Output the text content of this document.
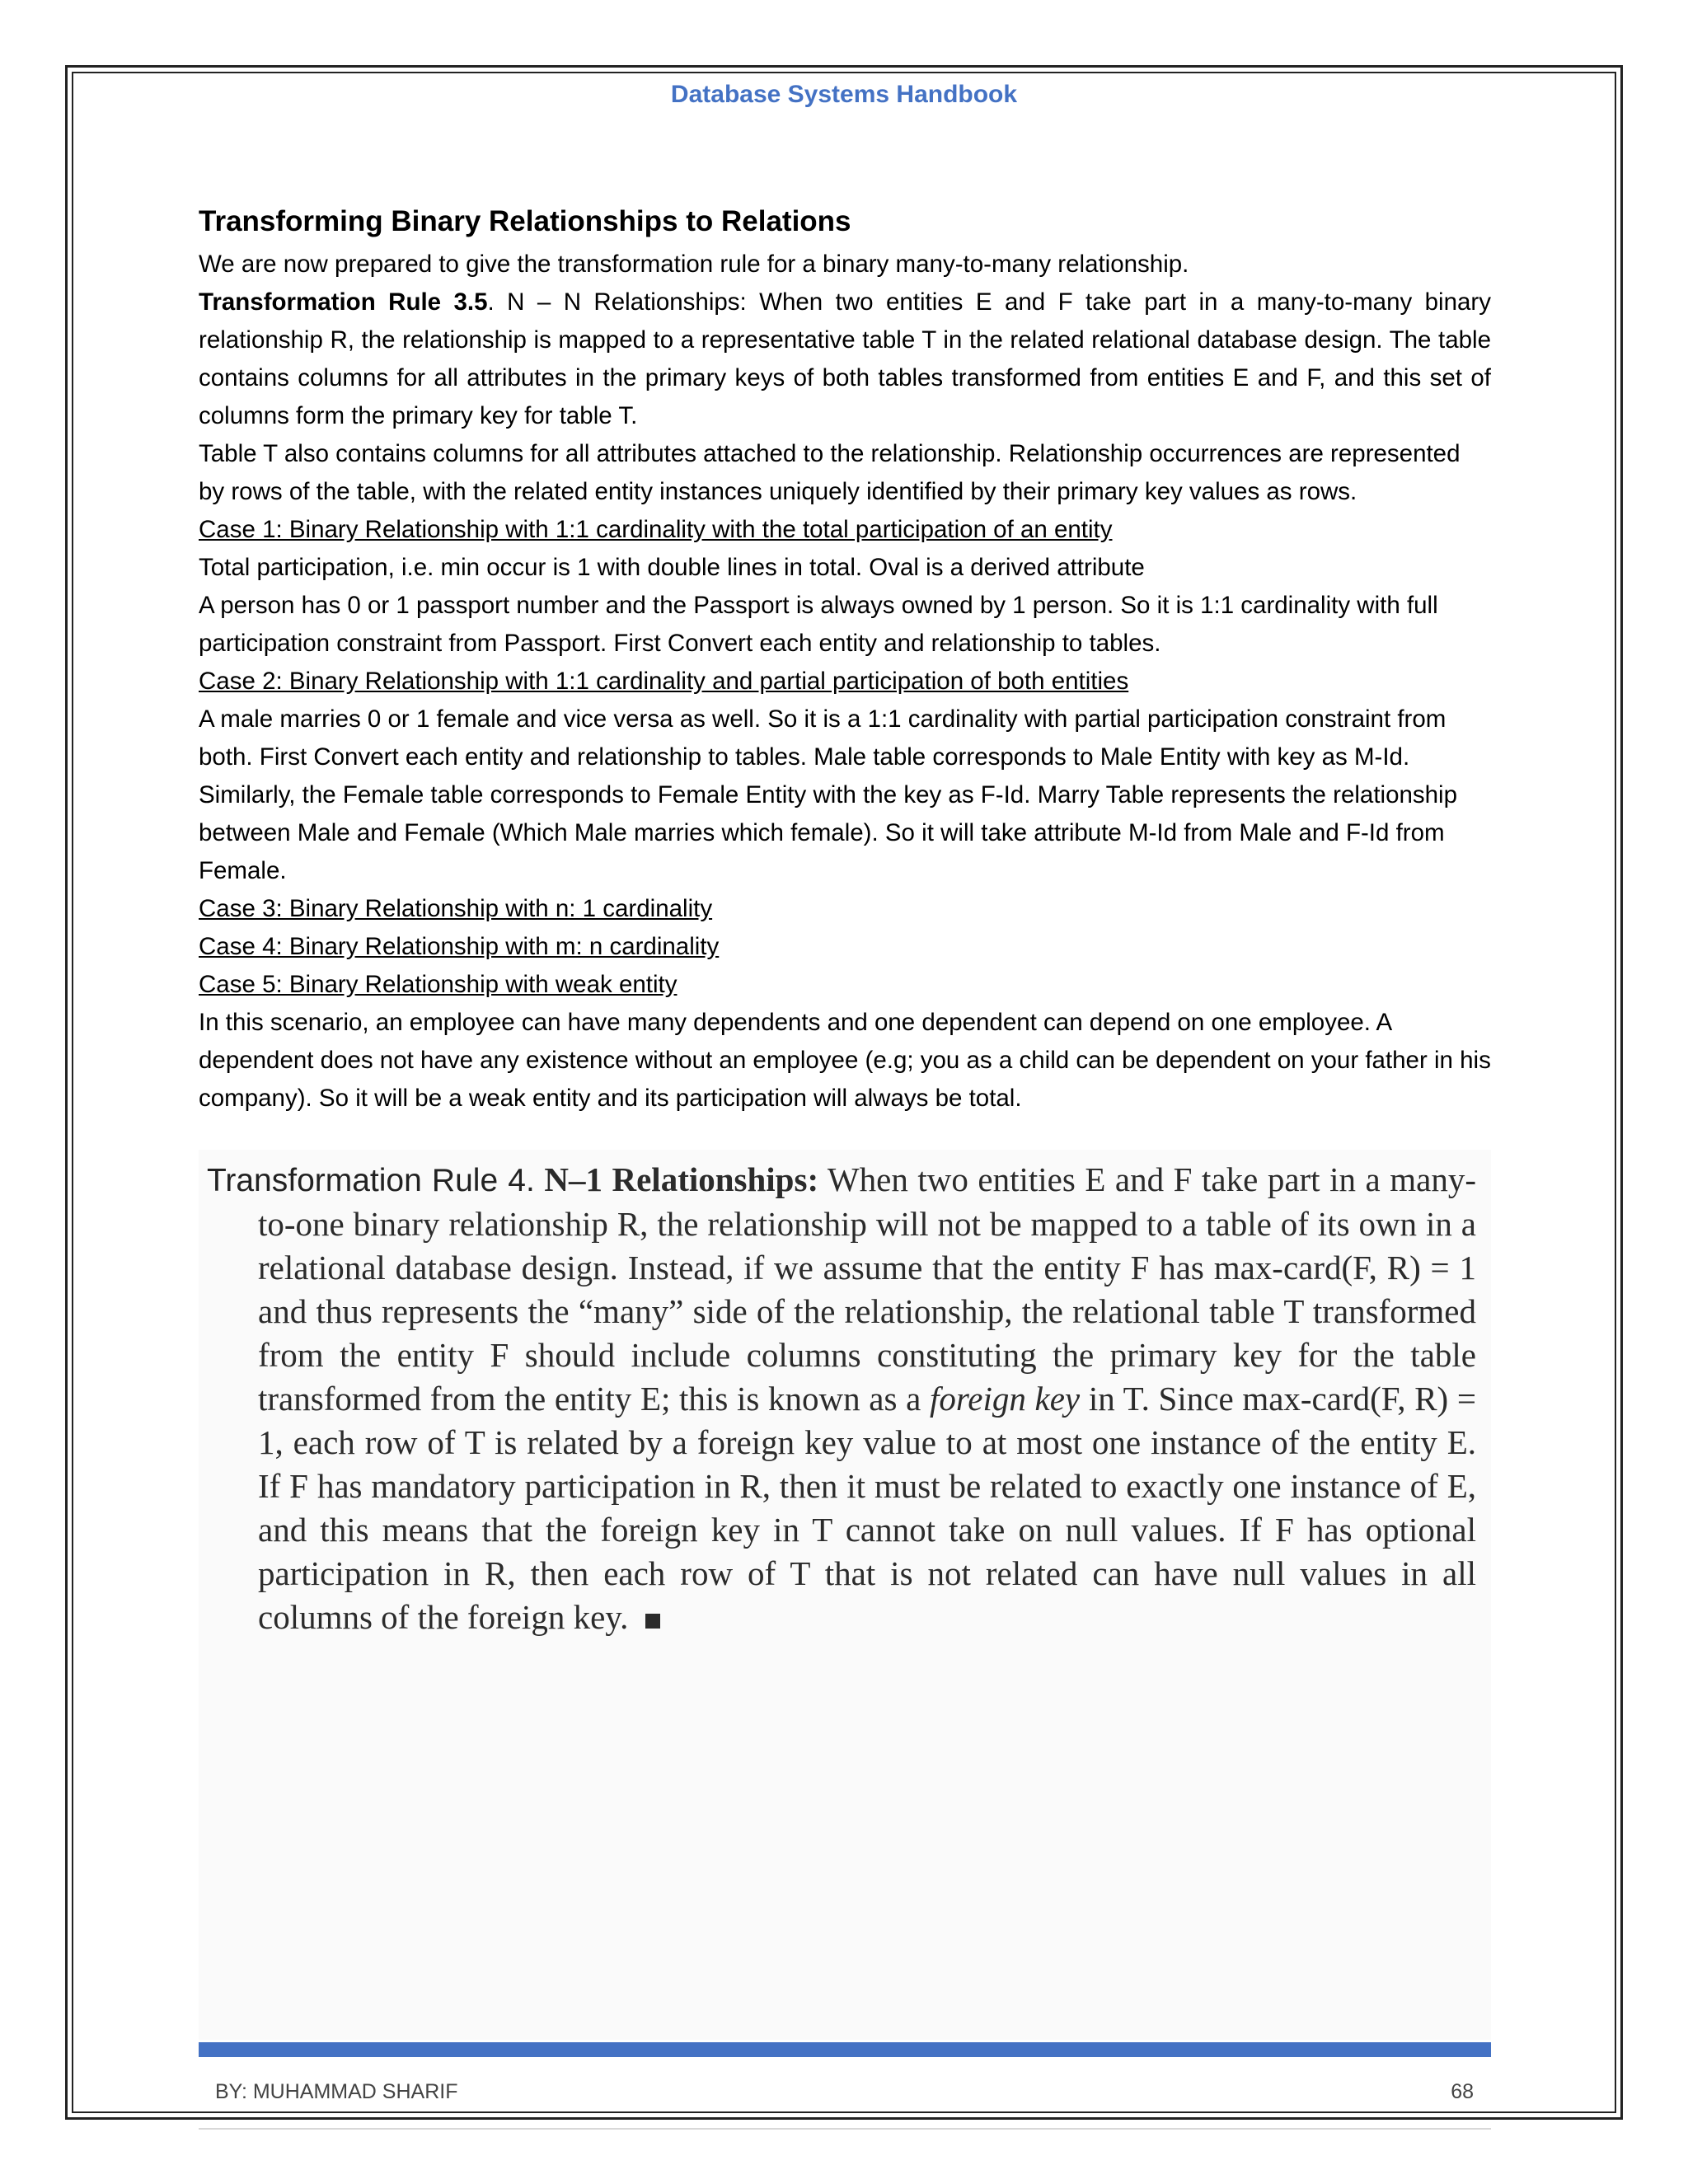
Database Systems Handbook
Transforming Binary Relationships to Relations

We are now prepared to give the transformation rule for a binary many-to-many relationship.

Transformation Rule 3.5. N – N Relationships: When two entities E and F take part in a many-to-many binary relationship R, the relationship is mapped to a representative table T in the related relational database design. The table contains columns for all attributes in the primary keys of both tables transformed from entities E and F, and this set of columns form the primary key for table T.

Table T also contains columns for all attributes attached to the relationship. Relationship occurrences are represented by rows of the table, with the related entity instances uniquely identified by their primary key values as rows.

Case 1: Binary Relationship with 1:1 cardinality with the total participation of an entity

Total participation, i.e. min occur is 1 with double lines in total. Oval is a derived attribute

A person has 0 or 1 passport number and the Passport is always owned by 1 person. So it is 1:1 cardinality with full participation constraint from Passport. First Convert each entity and relationship to tables.

Case 2: Binary Relationship with 1:1 cardinality and partial participation of both entities

A male marries 0 or 1 female and vice versa as well. So it is a 1:1 cardinality with partial participation constraint from both. First Convert each entity and relationship to tables. Male table corresponds to Male Entity with key as M-Id. Similarly, the Female table corresponds to Female Entity with the key as F-Id. Marry Table represents the relationship between Male and Female (Which Male marries which female). So it will take attribute M-Id from Male and F-Id from Female.

Case 3: Binary Relationship with n: 1 cardinality

Case 4: Binary Relationship with m: n cardinality

Case 5: Binary Relationship with weak entity

In this scenario, an employee can have many dependents and one dependent can depend on one employee. A dependent does not have any existence without an employee (e.g; you as a child can be dependent on your father in his company). So it will be a weak entity and its participation will always be total.

Transformation Rule 4. N–1 Relationships: When two entities E and F take part in a many-to-one binary relationship R, the relationship will not be mapped to a table of its own in a relational database design. Instead, if we assume that the entity F has max-card(F, R) = 1 and thus represents the “many” side of the relationship, the relational table T transformed from the entity F should include columns constituting the primary key for the table transformed from the entity E; this is known as a foreign key in T. Since max-card(F, R) = 1, each row of T is related by a foreign key value to at most one instance of the entity E. If F has mandatory participation in R, then it must be related to exactly one instance of E, and this means that the foreign key in T cannot take on null values. If F has optional participation in R, then each row of T that is not related can have null values in all columns of the foreign key.
BY: MUHAMMAD SHARIF	68
